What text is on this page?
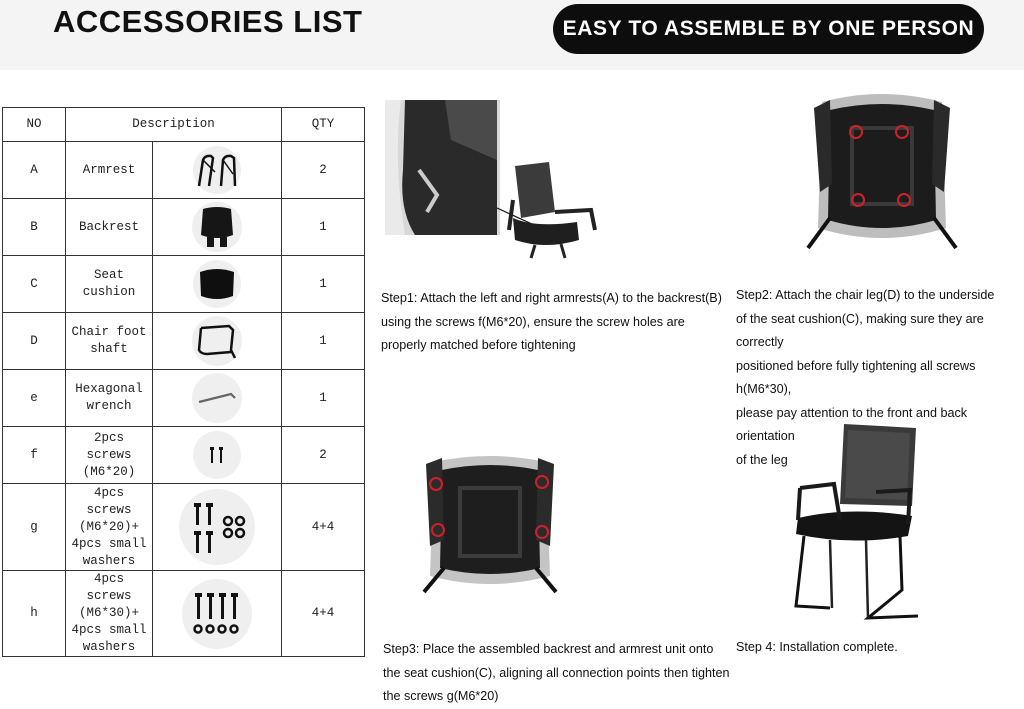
ACCESSORIES LIST	EASY TO ASSEMBLE BY ONE PERSON
NO	Description		QTY
A	Armrest		2
B	Backrest		1
C	Seat cushion		1
D	Chair foot
shaft		1
e	Hexagonal
wrench		1
f	2pcs
screws
(M6*20)		2
g	4pcs
screws
(M6*20)+
4pcs small
washers		4+4
h	4pcs screws
(M6*30)+
4pcs small
washers		4+4
Step1: Attach the left and right armrests(A) to the backrest(B)
using the screws f(M6*20), ensure the screw holes are
properly matched before tightening
Step2: Attach the chair leg(D) to the underside
of the seat cushion(C), making sure they are correctly
positioned before fully tightening all screws h(M6*30),
please pay attention to the front and back orientation
of the leg
Step3: Place the assembled backrest and armrest unit onto
the seat cushion(C), aligning all connection points then tighten
the screws g(M6*20)
Step 4: Installation complete.
